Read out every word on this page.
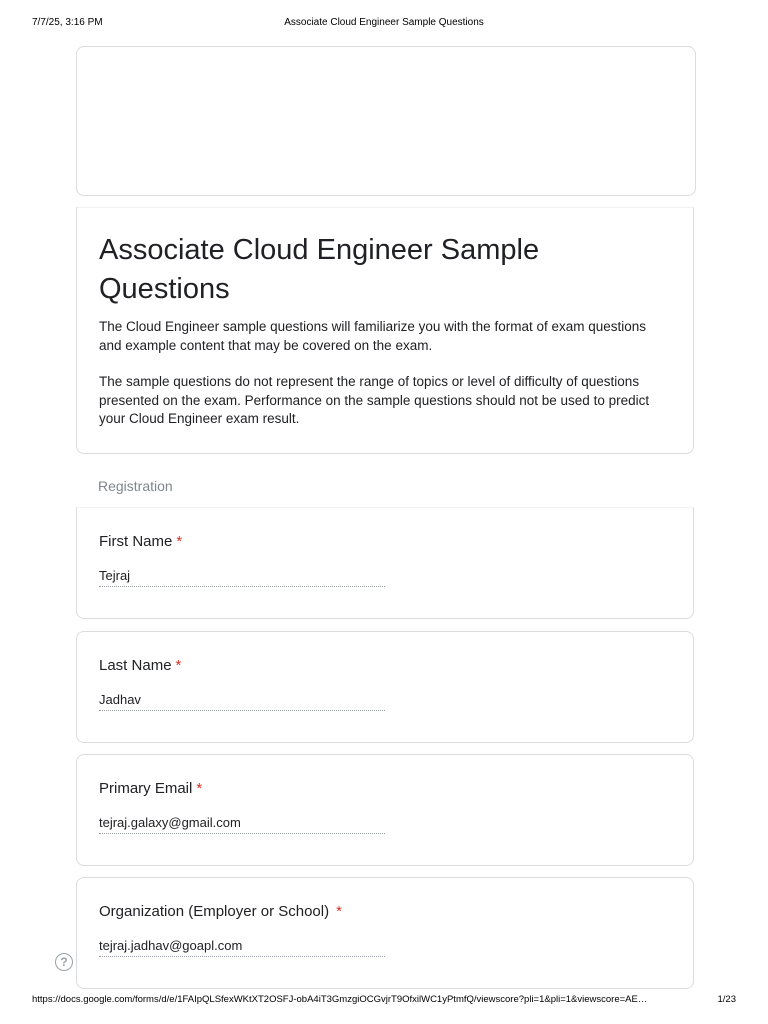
7/7/25, 3:16 PM	Associate Cloud Engineer Sample Questions
Associate Cloud Engineer Sample Questions

The Cloud Engineer sample questions will familiarize you with the format of exam questions and example content that may be covered on the exam.

The sample questions do not represent the range of topics or level of difficulty of questions presented on the exam. Performance on the sample questions should not be used to predict your Cloud Engineer exam result.

Registration
First Name *
Tejraj
Last Name *
Jadhav
Primary Email *
tejraj.galaxy@gmail.com
Organization (Employer or School) *
tejraj.jadhav@goapl.com
?
https://docs.google.com/forms/d/e/1FAIpQLSfexWKtXT2OSFJ-obA4iT3GmzgiOCGvjrT9OfxilWC1yPtmfQ/viewscore?pli=1&pli=1&viewscore=AE…	1/23
